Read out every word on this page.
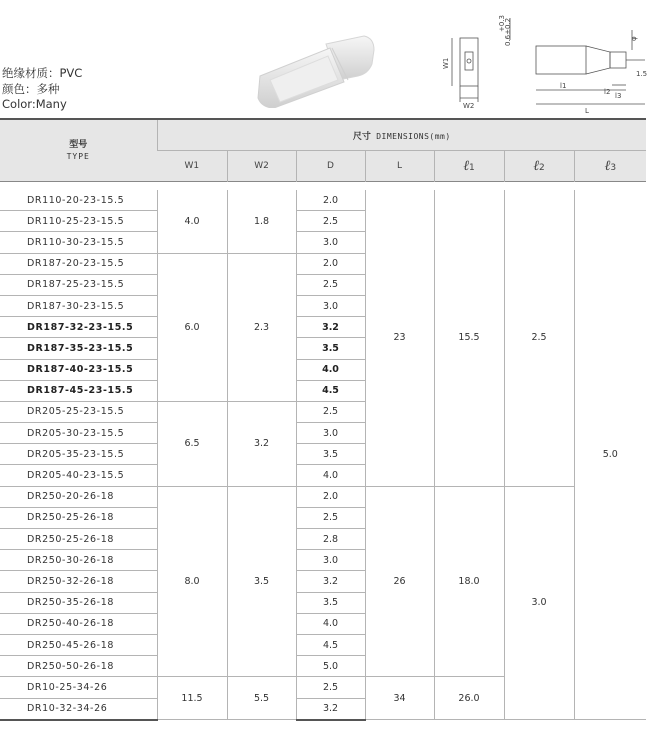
绝缘材质：PVC
颜色：多种
Color:Many
W1
W2
+0.3
0.6±0.2	φ
1.5
l3
l2
l1
L
型号
TYPE	尺寸 DIMENSIONS(mm)						
	W1	W2	D	L	ℓ1	ℓ2	ℓ3

DR110-20-23-15.5	4.0	1.8	2.0	23	15.5	2.5	5.0
DR110-25-23-15.5			2.5				
DR110-30-23-15.5			3.0				
DR187-20-23-15.5	6.0	2.3	2.0				
DR187-25-23-15.5			2.5				
DR187-30-23-15.5			3.0				
DR187-32-23-15.5			3.2				
DR187-35-23-15.5			3.5				
DR187-40-23-15.5			4.0				
DR187-45-23-15.5			4.5				
DR205-25-23-15.5	6.5	3.2	2.5				
DR205-30-23-15.5			3.0				
DR205-35-23-15.5			3.5				
DR205-40-23-15.5			4.0				
DR250-20-26-18	8.0	3.5	2.0	26	18.0	3.0	
DR250-25-26-18			2.5				
DR250-25-26-18			2.8				
DR250-30-26-18			3.0				
DR250-32-26-18			3.2				
DR250-35-26-18			3.5				
DR250-40-26-18			4.0				
DR250-45-26-18			4.5				
DR250-50-26-18			5.0				
DR10-25-34-26	11.5	5.5	2.5	34	26.0		
DR10-32-34-26			3.2				
